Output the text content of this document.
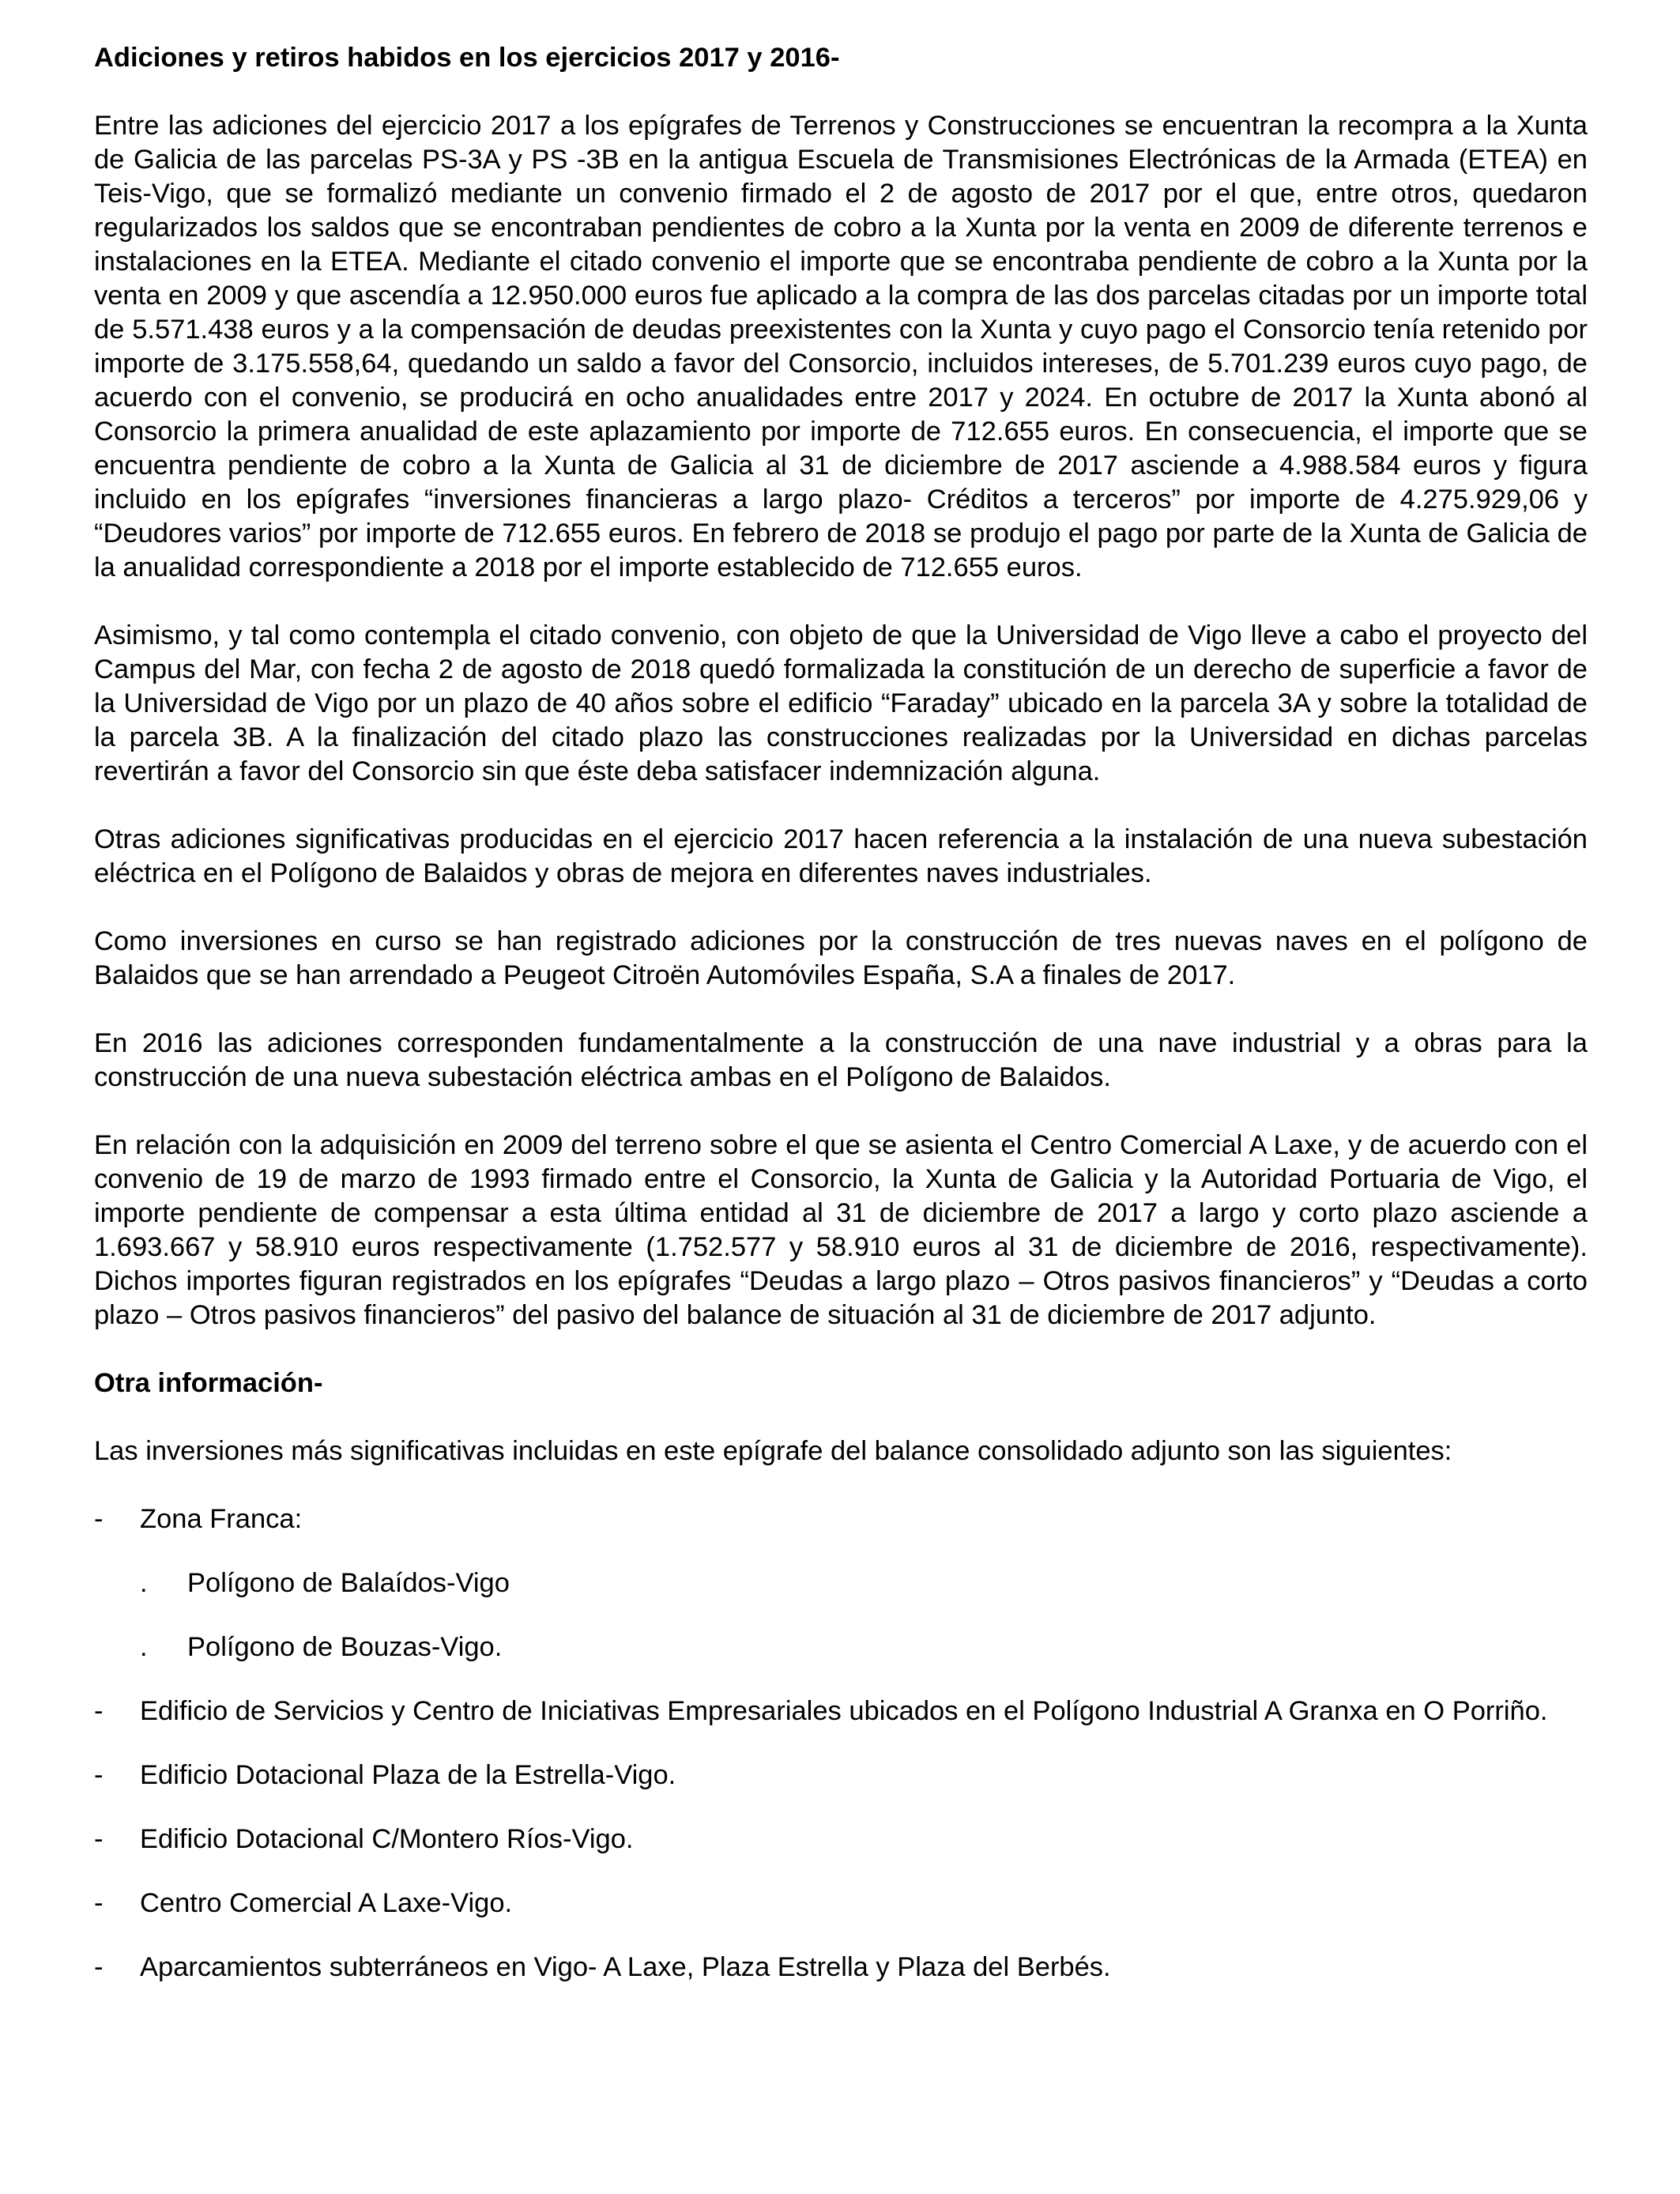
Adiciones y retiros habidos en los ejercicios 2017 y 2016-
Entre las adiciones del ejercicio 2017 a los epígrafes de Terrenos y Construcciones se encuentran la recompra a la Xunta de Galicia de las parcelas PS-3A y PS -3B en la antigua Escuela de Transmisiones Electrónicas de la Armada (ETEA) en Teis-Vigo, que se formalizó mediante un convenio firmado el 2 de agosto de 2017 por el que, entre otros, quedaron regularizados los saldos que se encontraban pendientes de cobro a la Xunta por la venta en 2009 de diferente terrenos e instalaciones en la ETEA. Mediante el citado convenio el importe que se encontraba pendiente de cobro a la Xunta por la venta en 2009 y que ascendía a 12.950.000 euros fue aplicado a la compra de las dos parcelas citadas por un importe total de 5.571.438 euros y a la compensación de deudas preexistentes con la Xunta y cuyo pago el Consorcio tenía retenido por importe de 3.175.558,64, quedando un saldo a favor del Consorcio, incluidos intereses, de 5.701.239 euros cuyo pago, de acuerdo con el convenio, se producirá en ocho anualidades entre 2017 y 2024. En octubre de 2017 la Xunta abonó al Consorcio la primera anualidad de este aplazamiento por importe de 712.655 euros. En consecuencia, el importe que se encuentra pendiente de cobro a la Xunta de Galicia al 31 de diciembre de 2017 asciende a 4.988.584 euros y figura incluido en los epígrafes “inversiones financieras a largo plazo- Créditos a terceros” por importe de 4.275.929,06 y “Deudores varios” por importe de 712.655 euros. En febrero de 2018 se produjo el pago por parte de la Xunta de Galicia de la anualidad correspondiente a 2018 por el importe establecido de 712.655 euros.
Asimismo, y tal como contempla el citado convenio, con objeto de que la Universidad de Vigo lleve a cabo el proyecto del Campus del Mar, con fecha 2 de agosto de 2018 quedó formalizada la constitución de un derecho de superficie a favor de la Universidad de Vigo por un plazo de 40 años sobre el edificio “Faraday” ubicado en la parcela 3A y sobre la totalidad de la parcela 3B. A la finalización del citado plazo las construcciones realizadas por la Universidad en dichas parcelas revertirán a favor del Consorcio sin que éste deba satisfacer indemnización alguna.
Otras adiciones significativas producidas en el ejercicio 2017 hacen referencia a la instalación de una nueva subestación eléctrica en el Polígono de Balaidos y obras de mejora en diferentes naves industriales.
Como inversiones en curso se han registrado adiciones por la construcción de tres nuevas naves en el polígono de Balaidos que se han arrendado a Peugeot Citroën Automóviles España, S.A a finales de 2017.
En 2016 las adiciones corresponden fundamentalmente a la construcción de una nave industrial y a obras para la construcción de una nueva subestación eléctrica ambas en el Polígono de Balaidos.
En relación con la adquisición en 2009 del terreno sobre el que se asienta el Centro Comercial A Laxe, y de acuerdo con el convenio de 19 de marzo de 1993 firmado entre el Consorcio, la Xunta de Galicia y la Autoridad Portuaria de Vigo, el importe pendiente de compensar a esta última entidad al 31 de diciembre de 2017 a largo y corto plazo asciende a 1.693.667 y 58.910 euros respectivamente (1.752.577 y 58.910 euros al 31 de diciembre de 2016, respectivamente). Dichos importes figuran registrados en los epígrafes “Deudas a largo plazo – Otros pasivos financieros” y “Deudas a corto plazo – Otros pasivos financieros” del pasivo del balance de situación al 31 de diciembre de 2017 adjunto.
Otra información-
Las inversiones más significativas incluidas en este epígrafe del balance consolidado adjunto son las siguientes:
- Zona Franca:
. Polígono de Balaídos-Vigo
. Polígono de Bouzas-Vigo.
- Edificio de Servicios y Centro de Iniciativas Empresariales ubicados en el Polígono Industrial A Granxa en O Porriño.
- Edificio Dotacional Plaza de la Estrella-Vigo.
- Edificio Dotacional C/Montero Ríos-Vigo.
- Centro Comercial A Laxe-Vigo.
- Aparcamientos subterráneos en Vigo- A Laxe, Plaza Estrella y Plaza del Berbés.
